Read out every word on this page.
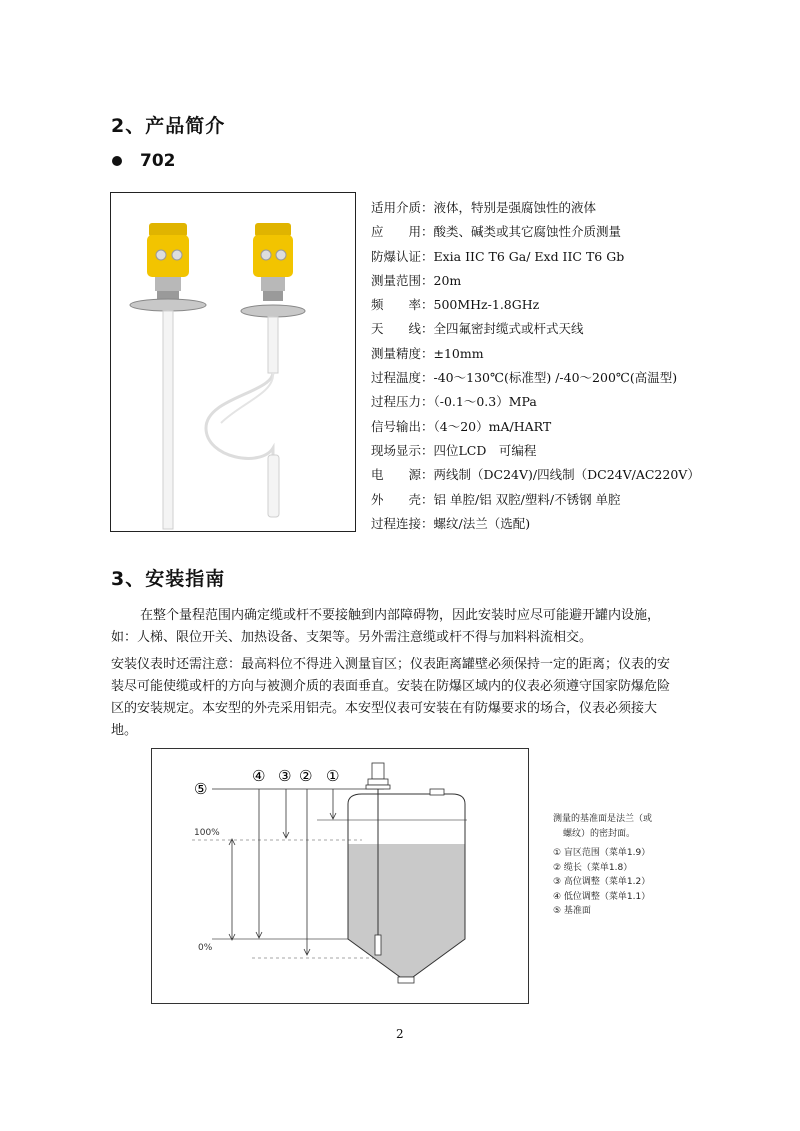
2、产品简介
702
适用介质：液体，特别是强腐蚀性的液体
应　　用：酸类、碱类或其它腐蚀性介质测量
防爆认证：Exia IIC T6 Ga/ Exd IIC T6 Gb
测量范围：20m
频　　率：500MHz-1.8GHz
天　　线：全四氟密封缆式或杆式天线
测量精度：±10mm
过程温度：-40～130℃(标准型) /-40～200℃(高温型)
过程压力：（-0.1～0.3）MPa
信号输出：（4～20）mA/HART
现场显示：四位LCD　可编程
电　　源：两线制（DC24V)/四线制（DC24V/AC220V）
外　　壳：铝 单腔/铝 双腔/塑料/不锈钢 单腔
过程连接：螺纹/法兰（选配)
3、安装指南
在整个量程范围内确定缆或杆不要接触到内部障碍物，因此安装时应尽可能避开罐内设施，
如：人梯、限位开关、加热设备、支架等。另外需注意缆或杆不得与加料料流相交。
安装仪表时还需注意：最高料位不得进入测量盲区；仪表距离罐壁必须保持一定的距离；仪表的安
装尽可能使缆或杆的方向与被测介质的表面垂直。安装在防爆区域内的仪表必须遵守国家防爆危险
区的安装规定。本安型的外壳采用铝壳。本安型仪表可安装在有防爆要求的场合，仪表必须接大
地。
④ ③ ② ①
⑤
100%
0%
测量的基准面是法兰（或
螺纹）的密封面。
① 盲区范围（菜单1.9）
② 缆长（菜单1.8）
③ 高位调整（菜单1.2）
④ 低位调整（菜单1.1）
⑤ 基准面
2
